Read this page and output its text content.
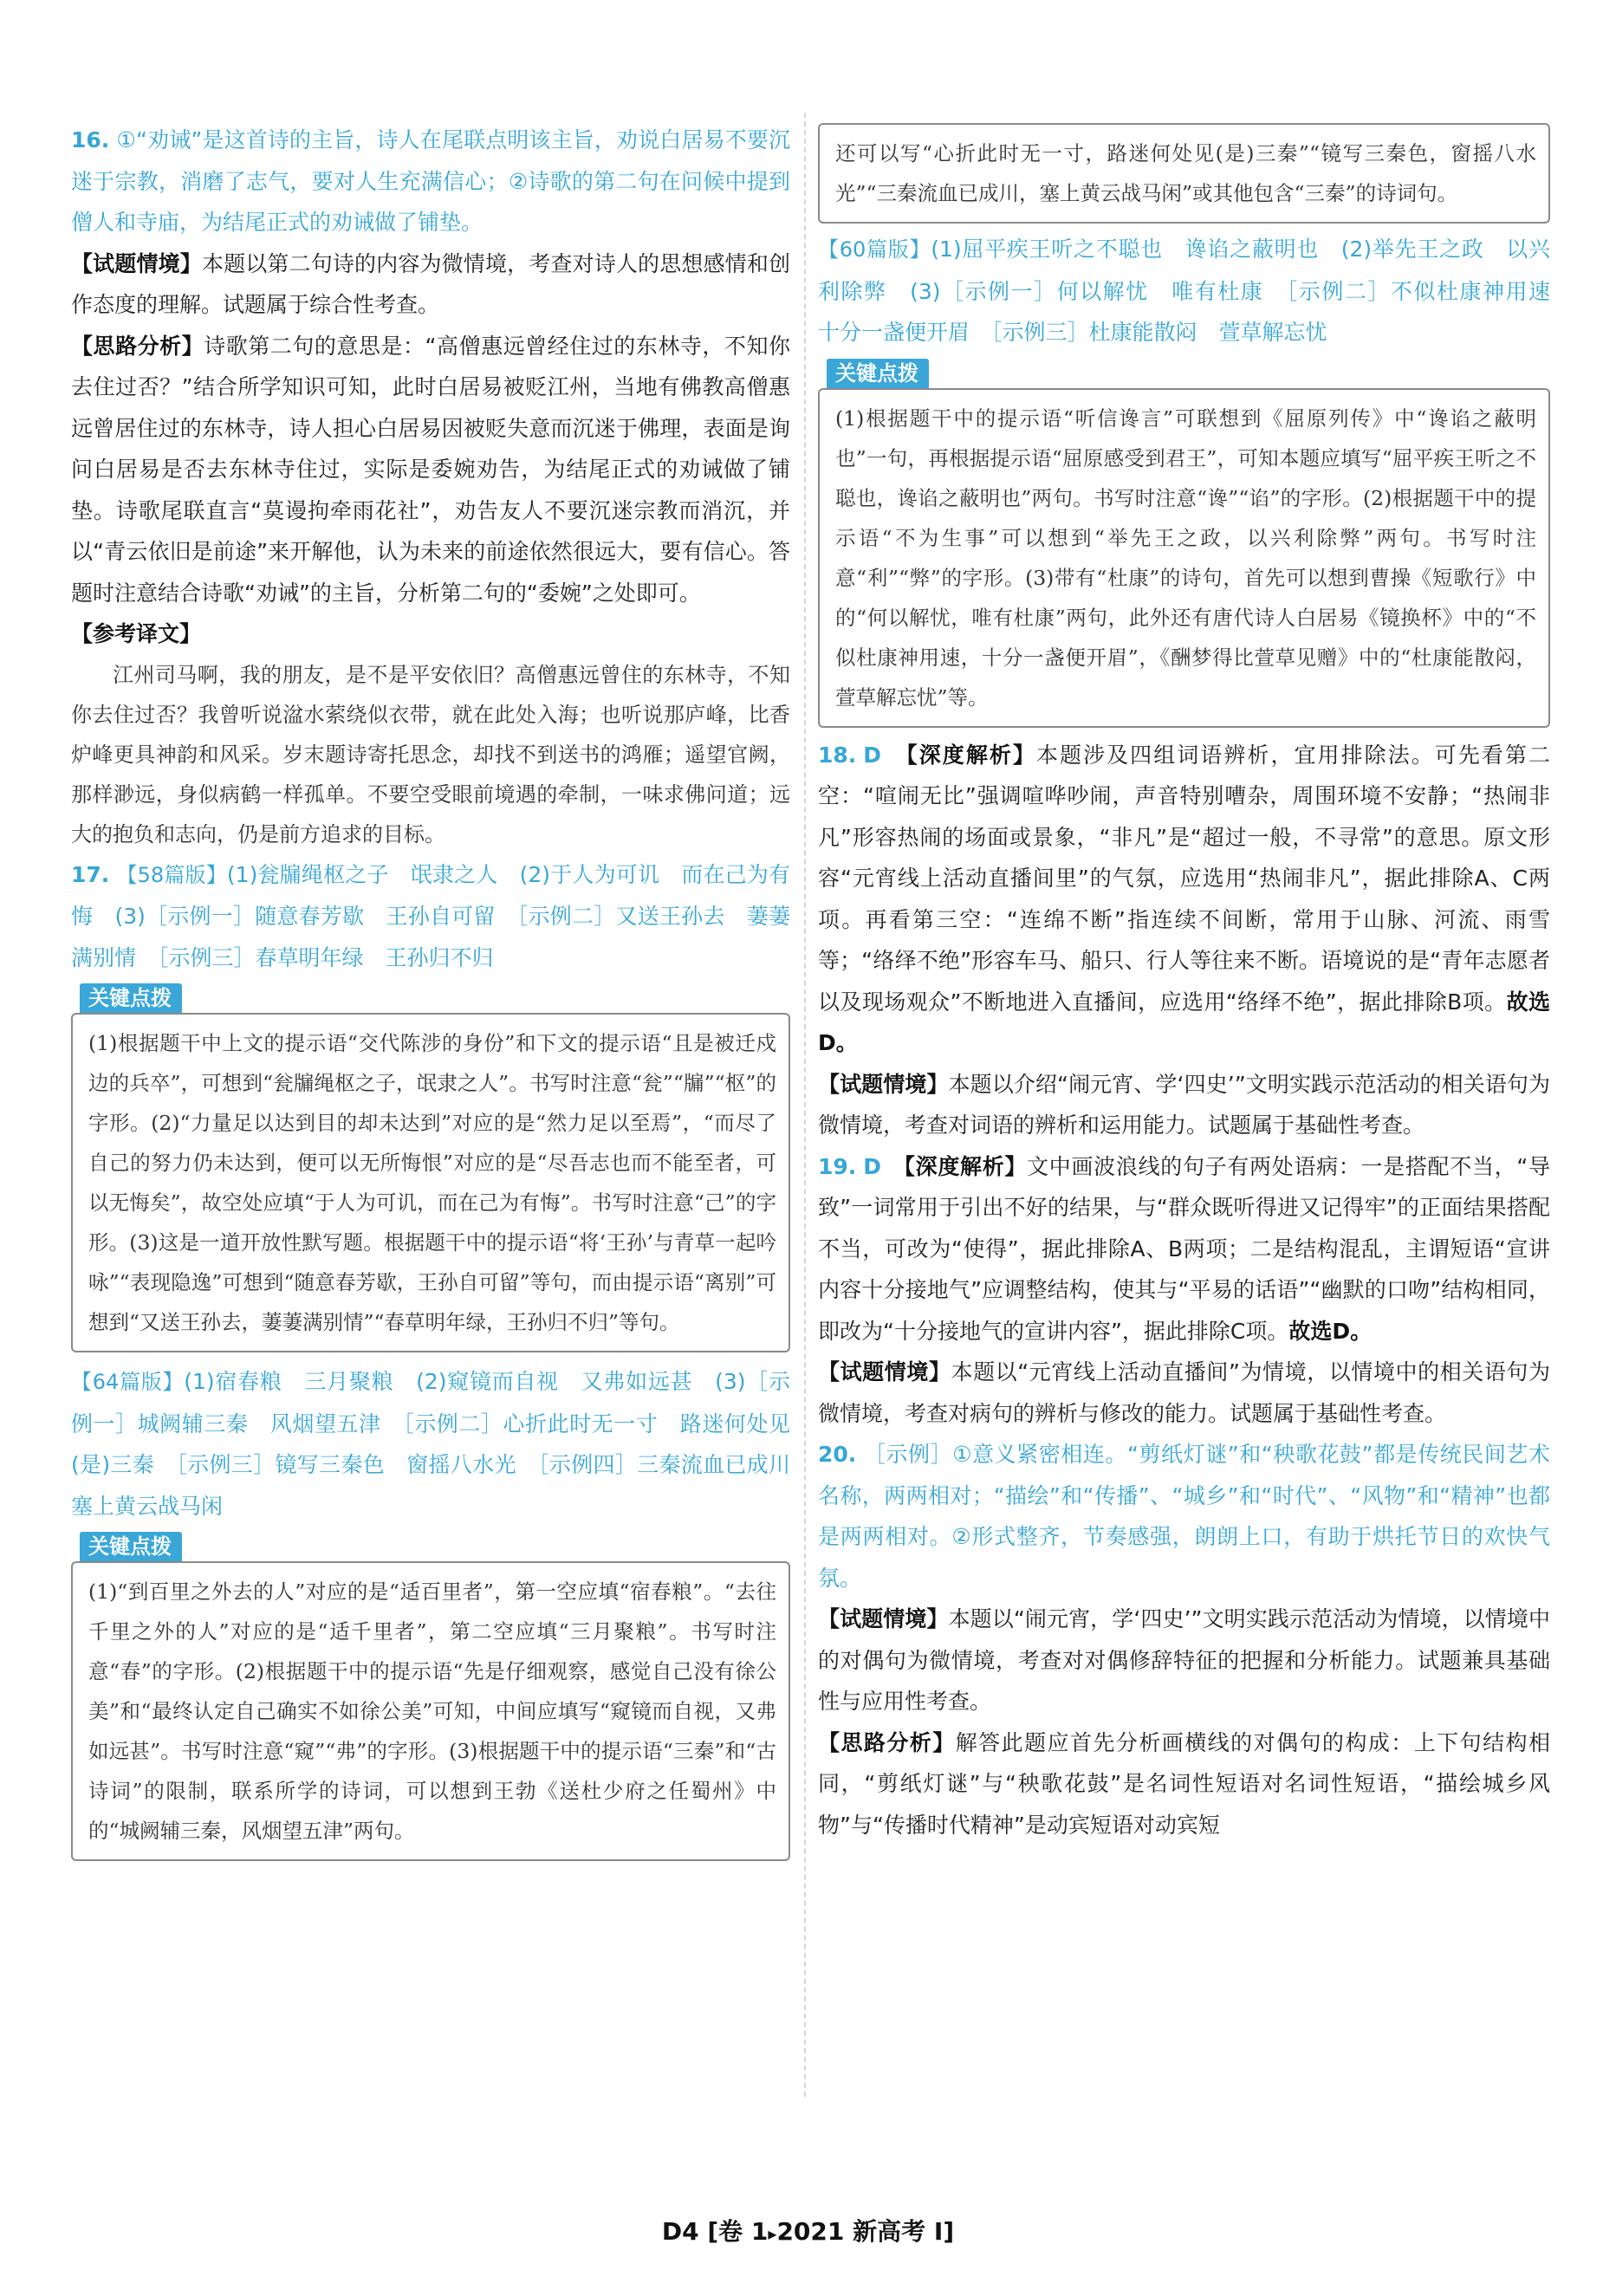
16. ①“劝诫”是这首诗的主旨，诗人在尾联点明该主旨，劝说白居易不要沉迷于宗教，消磨了志气，要对人生充满信心；②诗歌的第二句在问候中提到僧人和寺庙，为结尾正式的劝诫做了铺垫。

【试题情境】本题以第二句诗的内容为微情境，考查对诗人的思想感情和创作态度的理解。试题属于综合性考查。

【思路分析】诗歌第二句的意思是：“高僧惠远曾经住过的东林寺，不知你去住过否？”结合所学知识可知，此时白居易被贬江州，当地有佛教高僧惠远曾居住过的东林寺，诗人担心白居易因被贬失意而沉迷于佛理，表面是询问白居易是否去东林寺住过，实际是委婉劝告，为结尾正式的劝诫做了铺垫。诗歌尾联直言“莫谩拘牵雨花社”，劝告友人不要沉迷宗教而消沉，并以“青云依旧是前途”来开解他，认为未来的前途依然很远大，要有信心。答题时注意结合诗歌“劝诫”的主旨，分析第二句的“委婉”之处即可。

【参考译文】

江州司马啊，我的朋友，是不是平安依旧？高僧惠远曾住的东林寺，不知你去住过否？我曾听说湓水萦绕似衣带，就在此处入海；也听说那庐峰，比香炉峰更具神韵和风采。岁末题诗寄托思念，却找不到送书的鸿雁；遥望官阙，那样渺远，身似病鹤一样孤单。不要空受眼前境遇的牵制，一味求佛问道；远大的抱负和志向，仍是前方追求的目标。

17. 【58篇版】(1)瓮牖绳枢之子　氓隶之人　(2)于人为可讥　而在己为有悔　(3)［示例一］随意春芳歇　王孙自可留　［示例二］又送王孙去　萋萋满别情　［示例三］春草明年绿　王孙归不归

关键点拨

(1)根据题干中上文的提示语“交代陈涉的身份”和下文的提示语“且是被迁戍边的兵卒”，可想到“瓮牖绳枢之子，氓隶之人”。书写时注意“瓮”“牖”“枢”的字形。(2)“力量足以达到目的却未达到”对应的是“然力足以至焉”，“而尽了自己的努力仍未达到，便可以无所悔恨”对应的是“尽吾志也而不能至者，可以无悔矣”，故空处应填“于人为可讥，而在己为有悔”。书写时注意“己”的字形。(3)这是一道开放性默写题。根据题干中的提示语“将‘王孙’与青草一起吟咏”“表现隐逸”可想到“随意春芳歇，王孙自可留”等句，而由提示语“离别”可想到“又送王孙去，萋萋满别情”“春草明年绿，王孙归不归”等句。

【64篇版】(1)宿春粮　三月聚粮　(2)窥镜而自视　又弗如远甚　(3)［示例一］城阙辅三秦　风烟望五津　［示例二］心折此时无一寸　路迷何处见(是)三秦　［示例三］镜写三秦色　窗摇八水光　［示例四］三秦流血已成川　塞上黄云战马闲

关键点拨

(1)“到百里之外去的人”对应的是“适百里者”，第一空应填“宿春粮”。“去往千里之外的人”对应的是“适千里者”，第二空应填“三月聚粮”。书写时注意“春”的字形。(2)根据题干中的提示语“先是仔细观察，感觉自己没有徐公美”和“最终认定自己确实不如徐公美”可知，中间应填写“窥镜而自视，又弗如远甚”。书写时注意“窥”“弗”的字形。(3)根据题干中的提示语“三秦”和“古诗词”的限制，联系所学的诗词，可以想到王勃《送杜少府之任蜀州》中的“城阙辅三秦，风烟望五津”两句。

还可以写“心折此时无一寸，路迷何处见(是)三秦”“镜写三秦色，窗摇八水光”“三秦流血已成川，塞上黄云战马闲”或其他包含“三秦”的诗词句。

【60篇版】(1)屈平疾王听之不聪也　谗谄之蔽明也　(2)举先王之政　以兴利除弊　(3)［示例一］何以解忧　唯有杜康　［示例二］不似杜康神用速　十分一盏便开眉　［示例三］杜康能散闷　萱草解忘忧

关键点拨

(1)根据题干中的提示语“听信谗言”可联想到《屈原列传》中“谗谄之蔽明也”一句，再根据提示语“屈原感受到君王”，可知本题应填写“屈平疾王听之不聪也，谗谄之蔽明也”两句。书写时注意“谗”“谄”的字形。(2)根据题干中的提示语“不为生事”可以想到“举先王之政，以兴利除弊”两句。书写时注意“利”“弊”的字形。(3)带有“杜康”的诗句，首先可以想到曹操《短歌行》中的“何以解忧，唯有杜康”两句，此外还有唐代诗人白居易《镜换杯》中的“不似杜康神用速，十分一盏便开眉”，《酬梦得比萱草见赠》中的“杜康能散闷，萱草解忘忧”等。

18. D　 【深度解析】本题涉及四组词语辨析，宜用排除法。可先看第二空：“喧闹无比”强调喧哗吵闹，声音特别嘈杂，周围环境不安静；“热闹非凡”形容热闹的场面或景象，“非凡”是“超过一般，不寻常”的意思。原文形容“元宵线上活动直播间里”的气氛，应选用“热闹非凡”，据此排除A、C两项。再看第三空：“连绵不断”指连续不间断，常用于山脉、河流、雨雪等；“络绎不绝”形容车马、船只、行人等往来不断。语境说的是“青年志愿者以及现场观众”不断地进入直播间，应选用“络绎不绝”，据此排除B项。故选D。

【试题情境】本题以介绍“闹元宵、学‘四史’”文明实践示范活动的相关语句为微情境，考查对词语的辨析和运用能力。试题属于基础性考查。

19. D　 【深度解析】文中画波浪线的句子有两处语病：一是搭配不当，“导致”一词常用于引出不好的结果，与“群众既听得进又记得牢”的正面结果搭配不当，可改为“使得”，据此排除A、B两项；二是结构混乱，主谓短语“宣讲内容十分接地气”应调整结构，使其与“平易的话语”“幽默的口吻”结构相同，即改为“十分接地气的宣讲内容”，据此排除C项。故选D。

【试题情境】本题以“元宵线上活动直播间”为情境，以情境中的相关语句为微情境，考查对病句的辨析与修改的能力。试题属于基础性考查。

20. ［示例］①意义紧密相连。“剪纸灯谜”和“秧歌花鼓”都是传统民间艺术名称，两两相对；“描绘”和“传播”、“城乡”和“时代”、“风物”和“精神”也都是两两相对。②形式整齐，节奏感强，朗朗上口，有助于烘托节日的欢快气氛。

【试题情境】本题以“闹元宵，学‘四史’”文明实践示范活动为情境，以情境中的对偶句为微情境，考查对对偶修辞特征的把握和分析能力。试题兼具基础性与应用性考查。

【思路分析】解答此题应首先分析画横线的对偶句的构成：上下句结构相同，“剪纸灯谜”与“秧歌花鼓”是名词性短语对名词性短语，“描绘城乡风物”与“传播时代精神”是动宾短语对动宾短

D4 [卷 1▸2021 新高考 I]
